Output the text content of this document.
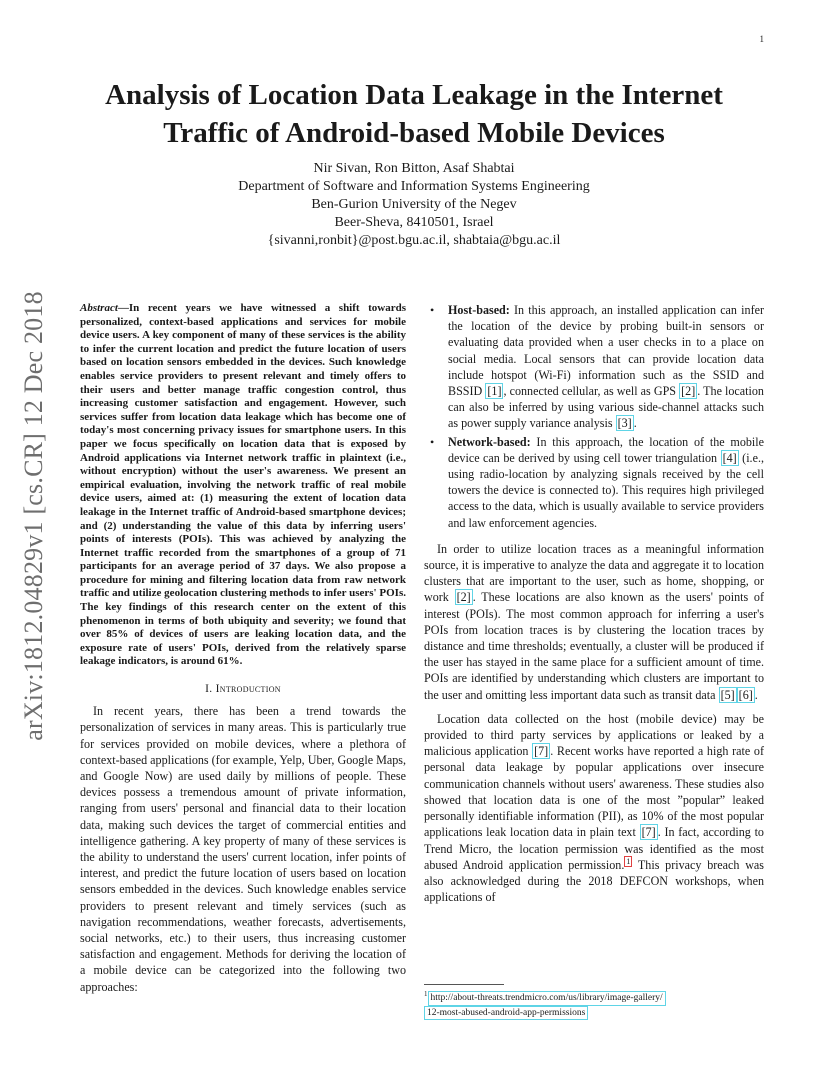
1
arXiv:1812.04829v1 [cs.CR] 12 Dec 2018
Analysis of Location Data Leakage in the Internet Traffic of Android-based Mobile Devices
Nir Sivan, Ron Bitton, Asaf Shabtai
Department of Software and Information Systems Engineering
Ben-Gurion University of the Negev
Beer-Sheva, 8410501, Israel
{sivanni,ronbit}@post.bgu.ac.il, shabtaia@bgu.ac.il

Abstract—In recent years we have witnessed a shift towards personalized, context-based applications and services for mobile device users. A key component of many of these services is the ability to infer the current location and predict the future location of users based on location sensors embedded in the devices. Such knowledge enables service providers to present relevant and timely offers to their users and better manage traffic congestion control, thus increasing customer satisfaction and engagement. However, such services suffer from location data leakage which has become one of today's most concerning privacy issues for smartphone users. In this paper we focus specifically on location data that is exposed by Android applications via Internet network traffic in plaintext (i.e., without encryption) without the user's awareness. We present an empirical evaluation, involving the network traffic of real mobile device users, aimed at: (1) measuring the extent of location data leakage in the Internet traffic of Android-based smartphone devices; and (2) understanding the value of this data by inferring users' points of interests (POIs). This was achieved by analyzing the Internet traffic recorded from the smartphones of a group of 71 participants for an average period of 37 days. We also propose a procedure for mining and filtering location data from raw network traffic and utilize geolocation clustering methods to infer users' POIs. The key findings of this research center on the extent of this phenomenon in terms of both ubiquity and severity; we found that over 85% of devices of users are leaking location data, and the exposure rate of users' POIs, derived from the relatively sparse leakage indicators, is around 61%.

I. Introduction

In recent years, there has been a trend towards the personalization of services in many areas. This is particularly true for services provided on mobile devices, where a plethora of context-based applications (for example, Yelp, Uber, Google Maps, and Google Now) are used daily by millions of people. These devices possess a tremendous amount of private information, ranging from users' personal and financial data to their location data, making such devices the target of commercial entities and intelligence gathering. A key property of many of these services is the ability to understand the users' current location, infer points of interest, and predict the future location of users based on location sensors embedded in the devices. Such knowledge enables service providers to present relevant and timely services (such as navigation recommendations, weather forecasts, advertisements, social networks, etc.) to their users, thus increasing customer satisfaction and engagement. Methods for deriving the location of a mobile device can be categorized into the following two approaches:

• Host-based: In this approach, an installed application can infer the location of the device by probing built-in sensors or evaluating data provided when a user checks in to a place on social media. Local sensors that can provide location data include hotspot (Wi-Fi) information such as the SSID and BSSID [1] , connected cellular, as well as GPS [2] . The location can also be inferred by using various side-channel attacks such as power supply variance analysis [3] .
• Network-based: In this approach, the location of the mobile device can be derived by using cell tower triangulation [4] (i.e., using radio-location by analyzing signals received by the cell towers the device is connected to). This requires high privileged access to the data, which is usually available to service providers and law enforcement agencies.

In order to utilize location traces as a meaningful information source, it is imperative to analyze the data and aggregate it to location clusters that are important to the user, such as home, shopping, or work [2] . These locations are also known as the users' points of interest (POIs). The most common approach for inferring a user's POIs from location traces is by clustering the location traces by distance and time thresholds; eventually, a cluster will be produced if the user has stayed in the same place for a sufficient amount of time. POIs are identified by understanding which clusters are important to the user and omitting less important data such as transit data [5] [6] .

Location data collected on the host (mobile device) may be provided to third party services by applications or leaked by a malicious application [7] . Recent works have reported a high rate of personal data leakage by popular applications over insecure communication channels without users' awareness. These studies also showed that location data is one of the most ”popular” leaked personally identifiable information (PII), as 10% of the most popular applications leak location data in plain text [7] . In fact, according to Trend Micro, the location permission was identified as the most abused Android application permission. $^1$ This privacy breach was also acknowledged during the 2018 DEFCON workshops, when applications of

$^1$ http://about-threats.trendmicro.com/us/library/image-gallery/
12-most-abused-android-app-permissions
